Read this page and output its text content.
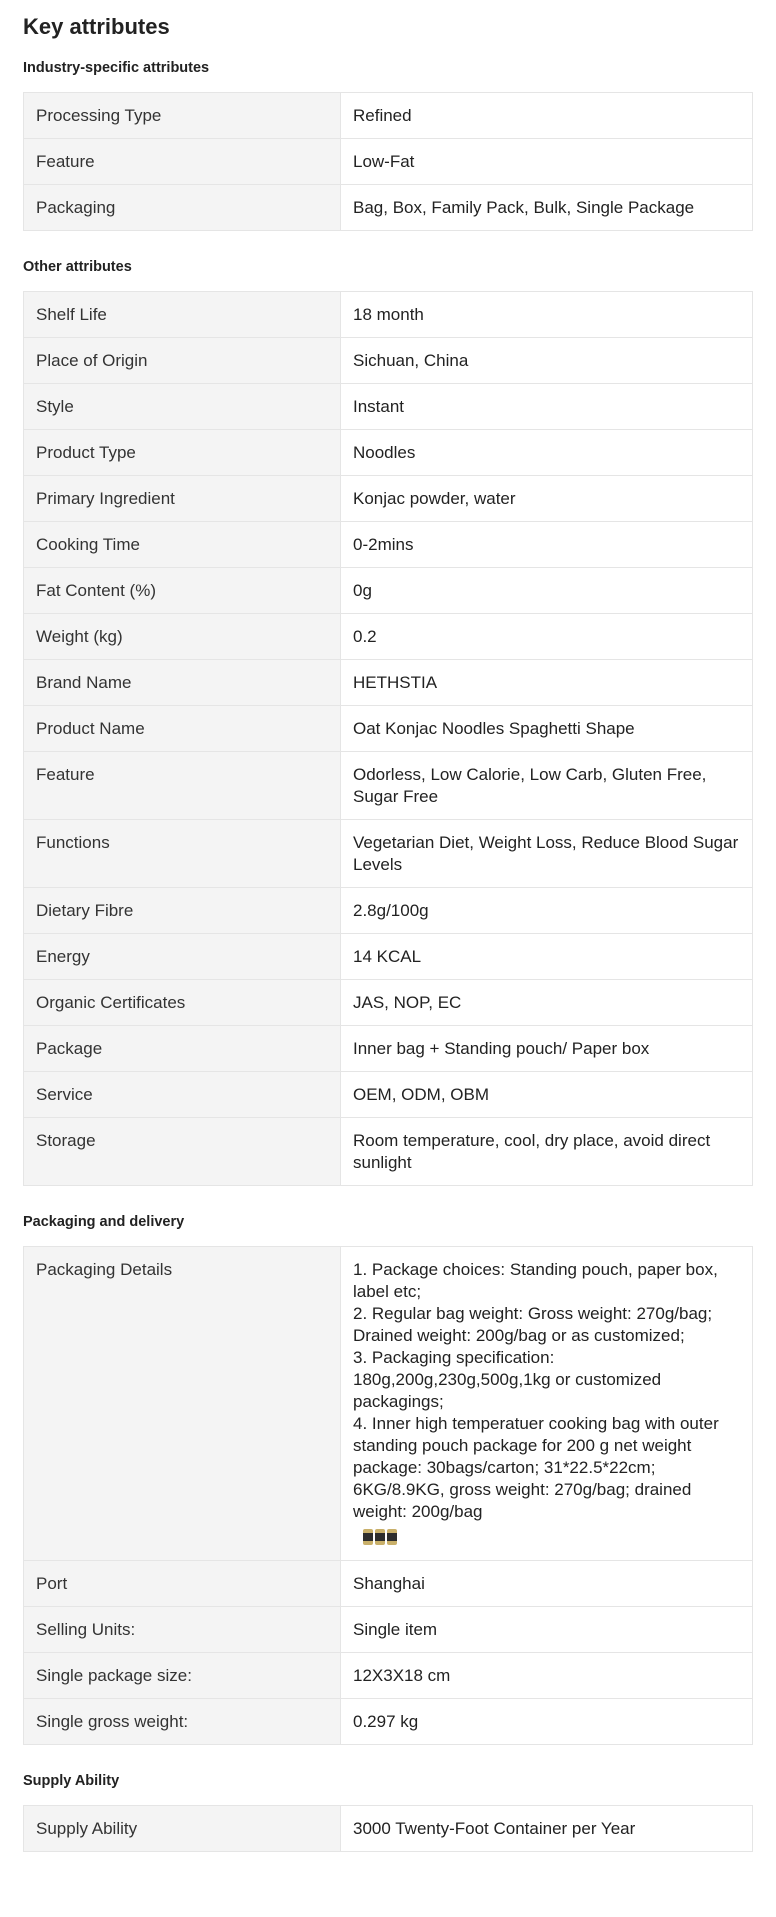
Key attributes
Industry-specific attributes
Processing Type	Refined
Feature	Low-Fat
Packaging	Bag, Box, Family Pack, Bulk, Single Package
Other attributes
Shelf Life	18 month
Place of Origin	Sichuan, China
Style	Instant
Product Type	Noodles
Primary Ingredient	Konjac powder, water
Cooking Time	0-2mins
Fat Content (%)	0g
Weight (kg)	0.2
Brand Name	HETHSTIA
Product Name	Oat Konjac Noodles Spaghetti Shape
Feature	Odorless, Low Calorie, Low Carb, Gluten Free, Sugar Free
Functions	Vegetarian Diet, Weight Loss, Reduce Blood Sugar Levels
Dietary Fibre	2.8g/100g
Energy	14 KCAL
Organic Certificates	JAS, NOP, EC
Package	Inner bag + Standing pouch/ Paper box
Service	OEM, ODM, OBM
Storage	Room temperature, cool, dry place, avoid direct sunlight
Packaging and delivery
Packaging Details	1. Package choices: Standing pouch, paper box, label etc;
2. Regular bag weight: Gross weight: 270g/bag; Drained weight: 200g/bag or as customized;
3. Packaging specification: 180g,200g,230g,500g,1kg or customized packagings;
4. Inner high temperatuer cooking bag with outer standing pouch package for 200 g net weight package: 30bags/carton; 31*22.5*22cm; 6KG/8.9KG, gross weight: 270g/bag; drained weight: 200g/bag

Port	Shanghai
Selling Units:	Single item
Single package size:	12X3X18 cm
Single gross weight:	0.297 kg
Supply Ability
Supply Ability	3000 Twenty-Foot Container per Year
